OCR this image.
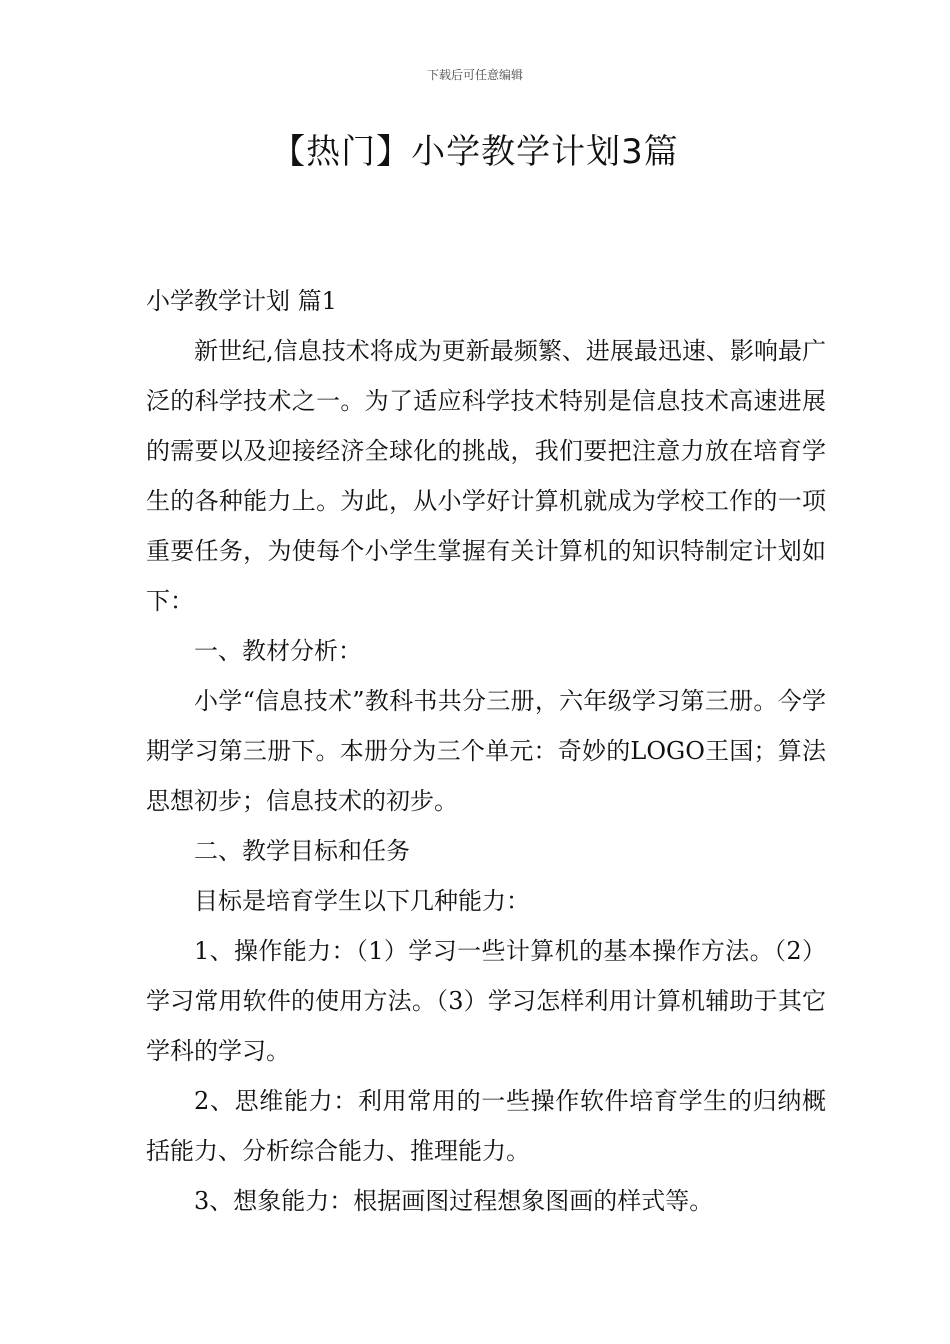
下载后可任意编辑
【热门】小学教学计划3篇

小学教学计划 篇1

新世纪,信息技术将成为更新最频繁、进展最迅速、影响最广泛的科学技术之一。为了适应科学技术特别是信息技术高速进展的需要以及迎接经济全球化的挑战，我们要把注意力放在培育学生的各种能力上。为此，从小学好计算机就成为学校工作的一项重要任务，为使每个小学生掌握有关计算机的知识特制定计划如下：

一、教材分析：

小学“信息技术”教科书共分三册，六年级学习第三册。今学期学习第三册下。本册分为三个单元：奇妙的LOGO王国；算法思想初步；信息技术的初步。

二、教学目标和任务

目标是培育学生以下几种能力：

1、操作能力：（1）学习一些计算机的基本操作方法。（2）学习常用软件的使用方法。（3）学习怎样利用计算机辅助于其它学科的学习。

2、思维能力：利用常用的一些操作软件培育学生的归纳概括能力、分析综合能力、推理能力。

3、想象能力：根据画图过程想象图画的样式等。
